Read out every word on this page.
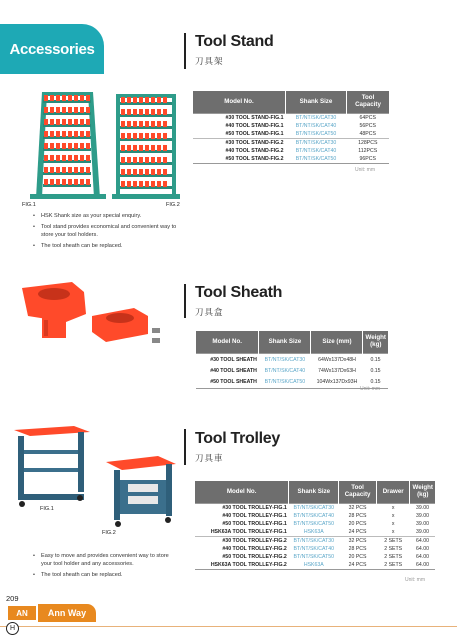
Accessories	Tool Stand
刀具架
FIG.1	FIG.2
Model No.	Shank Size	Tool Capacity
#30 TOOL STAND-FIG.1	BT/NT/SK/CAT30	64PCS
#40 TOOL STAND-FIG.1	BT/NT/SK/CAT40	56PCS
#50 TOOL STAND-FIG.1	BT/NT/SK/CAT50	48PCS
#30 TOOL STAND-FIG.2	BT/NT/SK/CAT30	128PCS
#40 TOOL STAND-FIG.2	BT/NT/SK/CAT40	112PCS
#50 TOOL STAND-FIG.2	BT/NT/SK/CAT50	96PCS
Unit: mm
• HSK Shank size as your special enquiry.
• Tool stand provides economical and convenient way to store your tool holders.
• The tool sheath can be replaced.
Tool Sheath
刀具盒
Model No.	Shank Size	Size (mm)	Weight (kg)
#30 TOOL SHEATH	BT/NT/SK/CAT30	64Wx137Dx48H	0.15
#40 TOOL SHEATH	BT/NT/SK/CAT40	74Wx137Dx63H	0.15
#50 TOOL SHEATH	BT/NT/SK/CAT50	104Wx137Dx93H	0.15
Unit: mm
Tool Trolley
刀具車
FIG.1
FIG.2
Model No.	Shank Size	Tool Capacity	Drawer	Weight (kg)
#30 TOOL TROLLEY-FIG.1	BT/NT/SK/CAT30	32 PCS	x	39.00
#40 TOOL TROLLEY-FIG.1	BT/NT/SK/CAT40	28 PCS	x	39.00
#50 TOOL TROLLEY-FIG.1	BT/NT/SK/CAT50	20 PCS	x	39.00
HSK63A TOOL TROLLEY-FIG.1	HSK63A	24 PCS	x	39.00
#30 TOOL TROLLEY-FIG.2	BT/NT/SK/CAT30	32 PCS	2 SETS	64.00
#40 TOOL TROLLEY-FIG.2	BT/NT/SK/CAT40	28 PCS	2 SETS	64.00
#50 TOOL TROLLEY-FIG.2	BT/NT/SK/CAT50	20 PCS	2 SETS	64.00
HSK63A TOOL TROLLEY-FIG.2	HSK63A	24 PCS	2 SETS	64.00
Unit: mm
• Easy to move and provides convenient way to store your tool holder and any accessories.
• The tool sheath can be replaced.
209
AN	Ann Way
H
